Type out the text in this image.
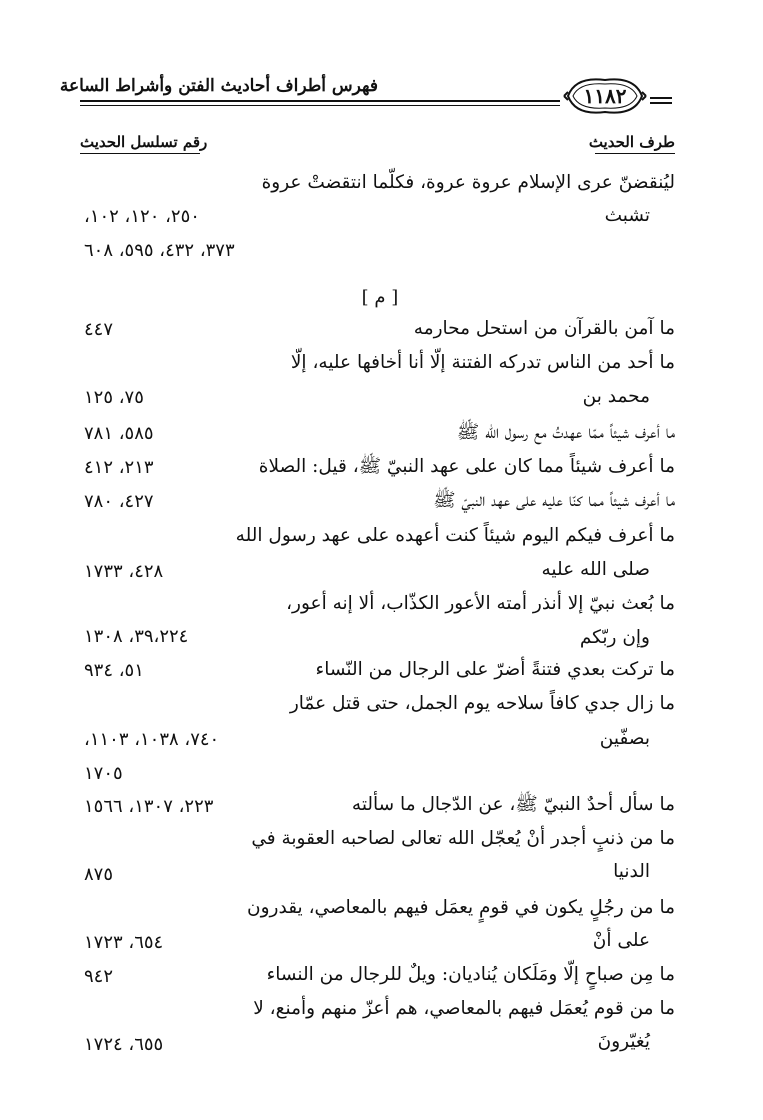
فهرس أطراف أحاديث الفتن وأشراط الساعة	١١٨٢
طرف الحديث
رقم تسلسل الحديث
ليُنقضنّ عرى الإسلام عروة عروة، فكلّما انتقضتْ عروة
تشبث
٢٥٠، ١٢٠، ١٠٢،
٣٧٣، ٤٣٢، ٥٩٥، ٦٠٨
[ م ]
ما آمن بالقرآن من استحل محارمه
٤٤٧
ما أحد من الناس تدركه الفتنة إلّا أنا أخافها عليه، إلّا
محمد بن
٧٥، ١٢٥
ما أعرف شيئاً ممّا عهدتُ مع رسول الله ﷺ
٥٨٥، ٧٨١
ما أعرف شيئاً مما كان على عهد النبيّ ﷺ، قيل: الصلاة
٢١٣، ٤١٢
ما أعرف شيئاً مما كنّا عليه على عهد النبيّ ﷺ
٤٢٧، ٧٨٠
ما أعرف فيكم اليوم شيئاً كنت أعهده على عهد رسول الله
صلى الله عليه
٤٢٨، ١٧٣٣
ما بُعث نبيّ إلا أنذر أمته الأعور الكذّاب، ألا إنه أعور،
وإن ربّكم
٣٩،٢٢٤، ١٣٠٨
ما تركت بعدي فتنةً أضرّ على الرجال من النّساء
٥١، ٩٣٤
ما زال جدي كافاً سلاحه يوم الجمل، حتى قتل عمّار
بصفّين
٧٤٠، ١٠٣٨، ١١٠٣،
١٧٠٥
ما سأل أحدٌ النبيّ ﷺ، عن الدّجال ما سألته
٢٢٣، ١٣٠٧، ١٥٦٦
ما من ذنبٍ أجدر أنْ يُعجّل الله تعالى لصاحبه العقوبة في
الدنيا
٨٧٥
ما من رجُلٍ يكون في قومٍ يعمَل فيهم بالمعاصي، يقدرون
على أنْ
٦٥٤، ١٧٢٣
ما مِن صباحٍ إلّا ومَلَكان يُناديان: ويلٌ للرجال من النساء
٩٤٢
ما من قوم يُعمَل فيهم بالمعاصي، هم أعزّ منهم وأمنع، لا
يُغيّرونَ
٦٥٥، ١٧٢٤
